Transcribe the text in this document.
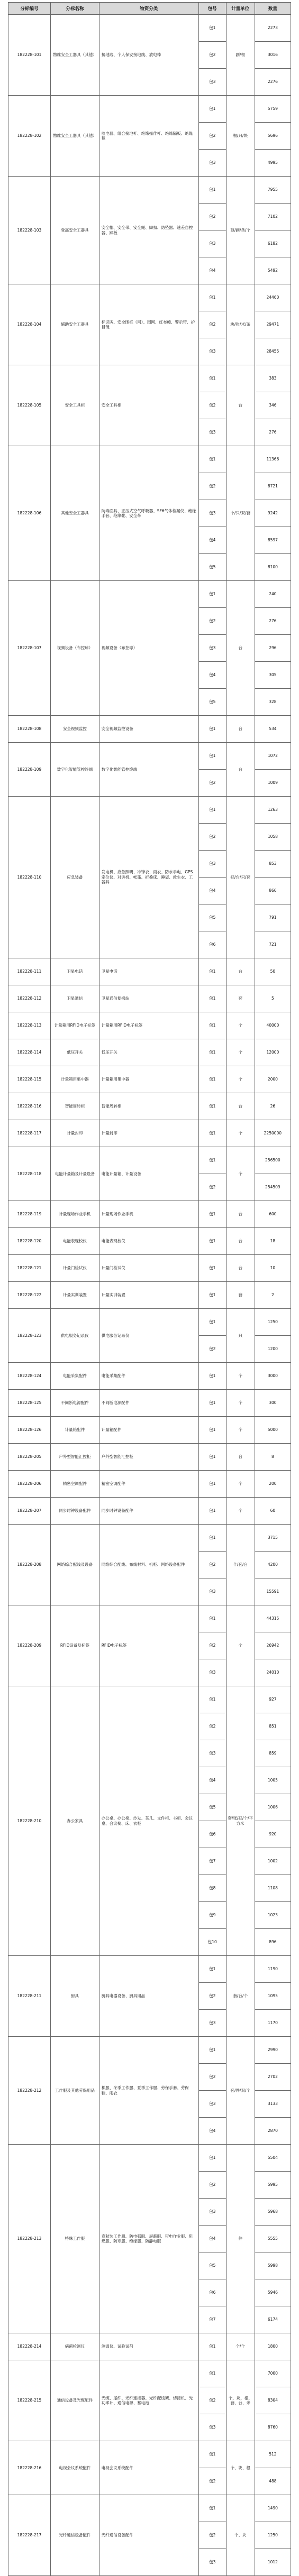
分标编号	分标名称	物资分类	包号	计量单位	数量
182228-101	物维安全工器具（其他）	接地线、个人保安接地线、放电棒	包1	副/根	2273
			包2		3016
			包3		2276
182228-102	物维安全工器具（其他）	验电器、组合接地杆、绝缘操作杆、绝缘隔板、绝缘毯	包1	根/只/块	5759
			包2		5696
			包3		4995
182228-103	登高安全工器具	安全帽、安全带、安全绳、脚扣、防坠器、速差自控器、踩板	包1	顶/副/条/个	7955
			包2		7102
			包3		6182
			包4		5492
182228-104	辅助安全工器具	标识牌、安全围栏（网）、围网、红布幔、警示带、护目镜	包1	块/张/米/条	24460
			包2		29471
			包3		28455
182228-105	安全工具柜	安全工具柜	包1	台	383
			包2		346
			包3		276
182228-106	其他安全工器具	防毒面具、正压式空气呼吸器、SF6气体检漏仪、绝缘手套、绝缘靴、安全带	包1	个/只/双/套	11366
			包2		8721
			包3		9242
			包4		8597
			包5		8100
182228-107	视频设备（布控球）	视频设备（布控球）	包1	台	240
			包2		276
			包3		296
			包4		305
			包5		328
182228-108	安全视频监控	安全视频监控设备	包1	台	534
182228-109	数字化智能管控终端	数字化智能管控终端	包1	台	1072
			包2		1009
182228-110	应急装备	发电机、应急照明、冲锋衣、雨衣、防水手电、GPS定位仪、对讲机、帐篷、折叠床、睡袋、救生衣、工器具	包1	把/台/只/套	1263
			包2		1058
			包3		853
			包4		866
			包5		791
			包6		721
182228-111	卫星电话	卫星电话	包1	台	50
182228-112	卫星通信	卫星通信便携站	包1	套	5
182228-113	计量箱用RFID电子标签	计量箱用RFID电子标签	包1	个	40000
182228-114	低压开关	低压开关	包1	个	12000
182228-115	计量箱用集中器	计量箱用集中器	包1	个	2000
182228-116	智能周转柜	智能周转柜	包1	台	26
182228-117	计量封印	计量封印	包1	个	2250000
182228-118	电能计量箱及计量设备	电能计量箱、计量设备	包1	个	256500
			包2		254509
182228-119	计量现场作业手机	计量现场作业手机	包1	台	600
182228-120	电能表现校仪	电能表现校仪	包1	台	18
182228-121	计量门检试仪	计量门检试仪	包1	台	10
182228-122	计量实训装置	计量实训装置	包1	套	2
182228-123	供电服务记录仪	供电服务记录仪	包1	只	1250
			包2		1200
182228-124	电能采集配件	电能采集配件	包1	个	3000
182228-125	不间断电源配件	不间断电源配件	包1	个	300
182228-126	计量箱配件	计量箱配件	包1	个	5000
182228-205	户外型智能汇控柜	户外型智能汇控柜	包1	台	8
182228-206	精密空调配件	精密空调配件	包1	个	200
182228-207	同步时钟设备配件	同步时钟设备配件	包1	个	60
182228-208	网络综合配线及设备	网络综合配线、布线材料、机柜、网络设备配件	包1	个/套/台	3715
			包2		4200
			包3		15591
182228-209	RFID设备及标签	RFID电子标签	包1	个	44315
			包2		26942
			包3		24010
182228-210	办公家具	办公桌、办公椅、沙发、茶几、文件柜、书柜、会议桌、会议椅、床、衣柜	包1	套/张/把/个/平方米	927
			包2		851
			包3		859
			包4		1005
			包5		1006
			包6		920
			包7		1002
			包8		1108
			包9		1023
			包10		896
182228-211	厨具	厨具电器设备、厨具用品	包1	套/台/个	1190
			包2		1095
			包3		1170
182228-212	工作服及其他劳保用品	棉服、冬季工作服、夏季工作服、劳保手套、劳保鞋、雨衣	包1	套/件/双/个	2990
			包2		2702
			包3		3133
			包4		2870
182228-213	特殊工作服	春秋装工作服、防电弧服、屏蔽服、带电作业服、阻燃服、防寒服、绝缘服、防静电服	包1	件	5504
			包2		5995
			包3		5968
			包4		5555
			包5		5998
			包6		5946
			包7		6174
182228-214	病菌检测仪	测温仪、试验试剂	包1	个/个	1800
182228-215	通信设备及光缆配件	光缆、尾纤、光纤连接器、光纤配线架、熔接机、光功率计、通信电源、蓄电池	包1	个、块、根、套、台、米	7000
			包2		8304
			包3		8760
182228-216	电视会议系统配件	电视会议系统配件	包1	个、块、根	512
			包2		488
182228-217	光纤通信设备配件	光纤通信设备配件	包1	个、块	1490
			包2		1250
			包3		1012
